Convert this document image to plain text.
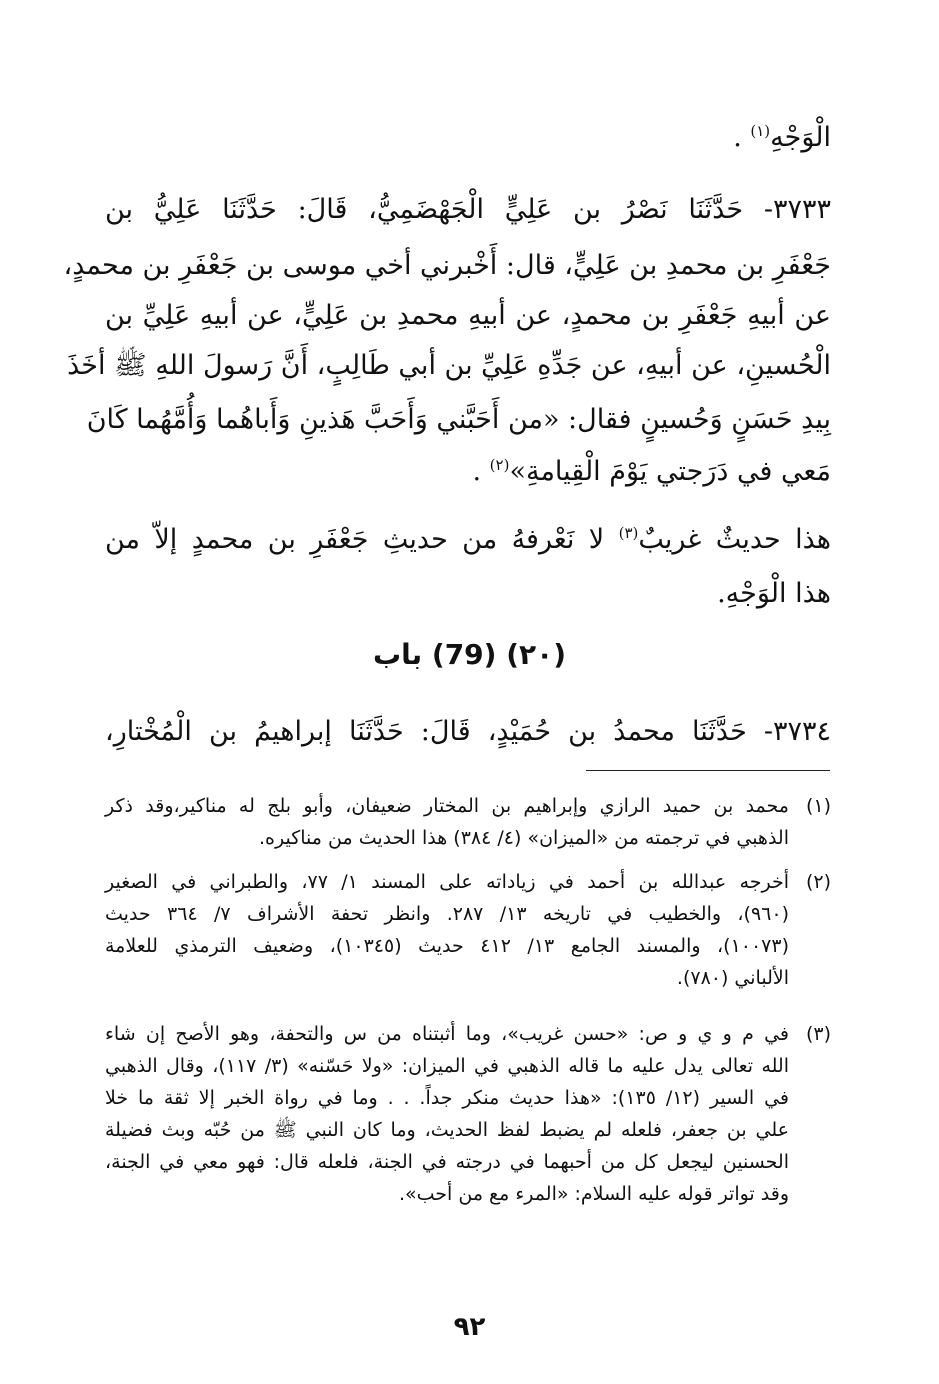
الْوَجْهِ$^{(١)}$ .
٣٧٣٣- حَدَّثَنَا نَصْرُ بن عَلِيٍّ الْجَهْضَمِيُّ، قَالَ: حَدَّثَنَا عَلِيُّ بن
جَعْفَرِ بن محمدِ بن عَلِيٍّ، قال: أَخْبرني أخي موسى بن جَعْفَرِ بن محمدٍ،
عن أبيهِ جَعْفَرِ بن محمدٍ، عن أبيهِ محمدِ بن عَلِيٍّ، عن أبيهِ عَلِيِّ بن
الْحُسينِ، عن أبيهِ، عن جَدِّهِ عَلِيِّ بن أبي طَالِبٍ، أَنَّ رَسولَ اللهِ ﷺ أخَذَ
بِيدِ حَسَنٍ وَحُسينٍ فقال: «من أَحَبَّني وَأَحَبَّ هَذينِ وَأَباهُما وَأُمَّهُما كَانَ
مَعي في دَرَجتي يَوْمَ الْقِيامةِ»$^{(٢)}$ .
هذا حديثٌ غريبٌ$^{(٣)}$ لا نَعْرفهُ من حديثِ جَعْفَرِ بن محمدٍ إلاّ من
هذا الْوَجْهِ.
(٢٠) (79) باب
٣٧٣٤- حَدَّثَنَا محمدُ بن حُمَيْدٍ، قَالَ: حَدَّثَنَا إبراهيمُ بن الْمُخْتارِ،
(١)
محمد بن حميد الرازي وإبراهيم بن المختار ضعيفان، وأبو بلج له مناكير،وقد ذكر
الذهبي في ترجمته من «الميزان» (٤/ ٣٨٤) هذا الحديث من مناكيره.
(٢)
أخرجه عبدالله بن أحمد في زياداته على المسند ١/ ٧٧، والطبراني في الصغير
(٩٦٠)، والخطيب في تاريخه ١٣/ ٢٨٧. وانظر تحفة الأشراف ٧/ ٣٦٤ حديث
(١٠٠٧٣)، والمسند الجامع ١٣/ ٤١٢ حديث (١٠٣٤٥)، وضعيف الترمذي للعلامة
الألباني (٧٨٠).
(٣)
في م و ي و ص: «حسن غريب»، وما أثبتناه من س والتحفة، وهو الأصح إن شاء
الله تعالى يدل عليه ما قاله الذهبي في الميزان: «ولا حَسّنه» (٣/ ١١٧)، وقال الذهبي
في السير (١٢/ ١٣٥): «هذا حديث منكر جداً. . . وما في رواة الخبر إلا ثقة ما خلا
علي بن جعفر، فلعله لم يضبط لفظ الحديث، وما كان النبي ﷺ من حُبّه وبث فضيلة
الحسنين ليجعل كل من أحبهما في درجته في الجنة، فلعله قال: فهو معي في الجنة،
وقد تواتر قوله عليه السلام: «المرء مع من أحب».
٩٢
